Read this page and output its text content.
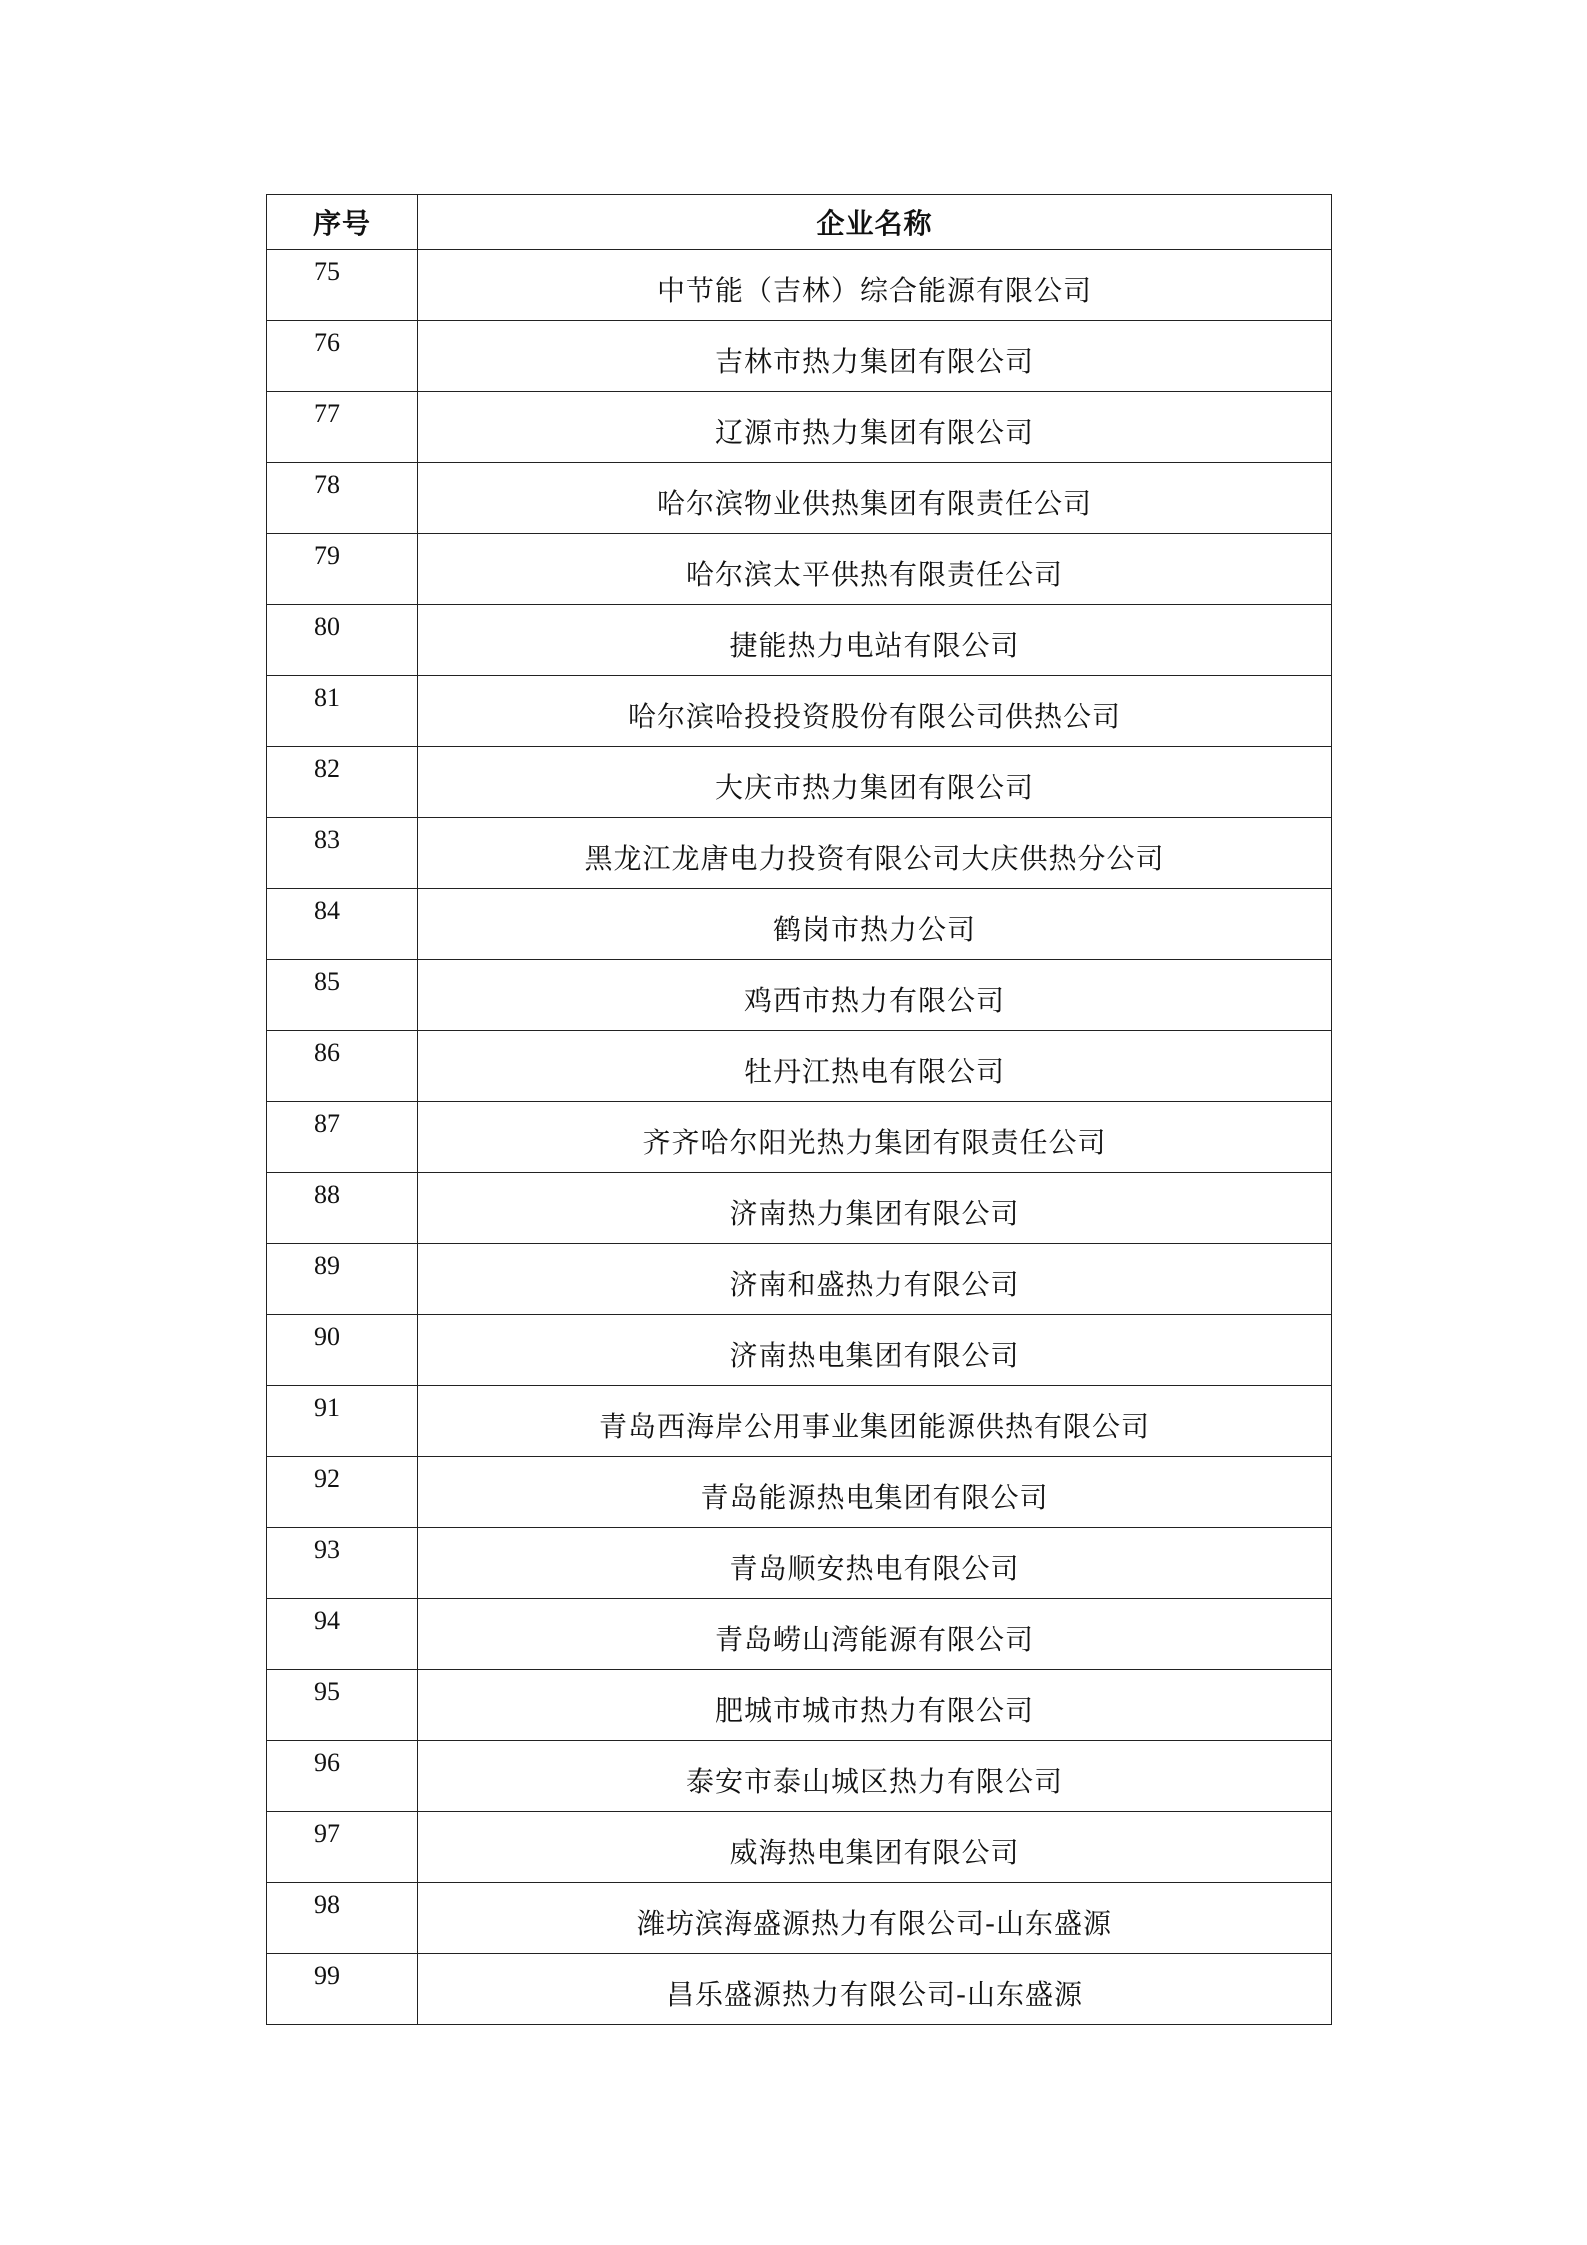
序号	企业名称

75	中节能（吉林）综合能源有限公司

76	吉林市热力集团有限公司

77	辽源市热力集团有限公司

78	哈尔滨物业供热集团有限责任公司

79	哈尔滨太平供热有限责任公司

80	捷能热力电站有限公司

81	哈尔滨哈投投资股份有限公司供热公司

82	大庆市热力集团有限公司

83	黑龙江龙唐电力投资有限公司大庆供热分公司

84	鹤岗市热力公司

85	鸡西市热力有限公司

86	牡丹江热电有限公司

87	齐齐哈尔阳光热力集团有限责任公司

88	济南热力集团有限公司

89	济南和盛热力有限公司

90	济南热电集团有限公司

91	青岛西海岸公用事业集团能源供热有限公司

92	青岛能源热电集团有限公司

93	青岛顺安热电有限公司

94	青岛崂山湾能源有限公司

95	肥城市城市热力有限公司

96	泰安市泰山城区热力有限公司

97	威海热电集团有限公司

98	潍坊滨海盛源热力有限公司-山东盛源

99	昌乐盛源热力有限公司-山东盛源
